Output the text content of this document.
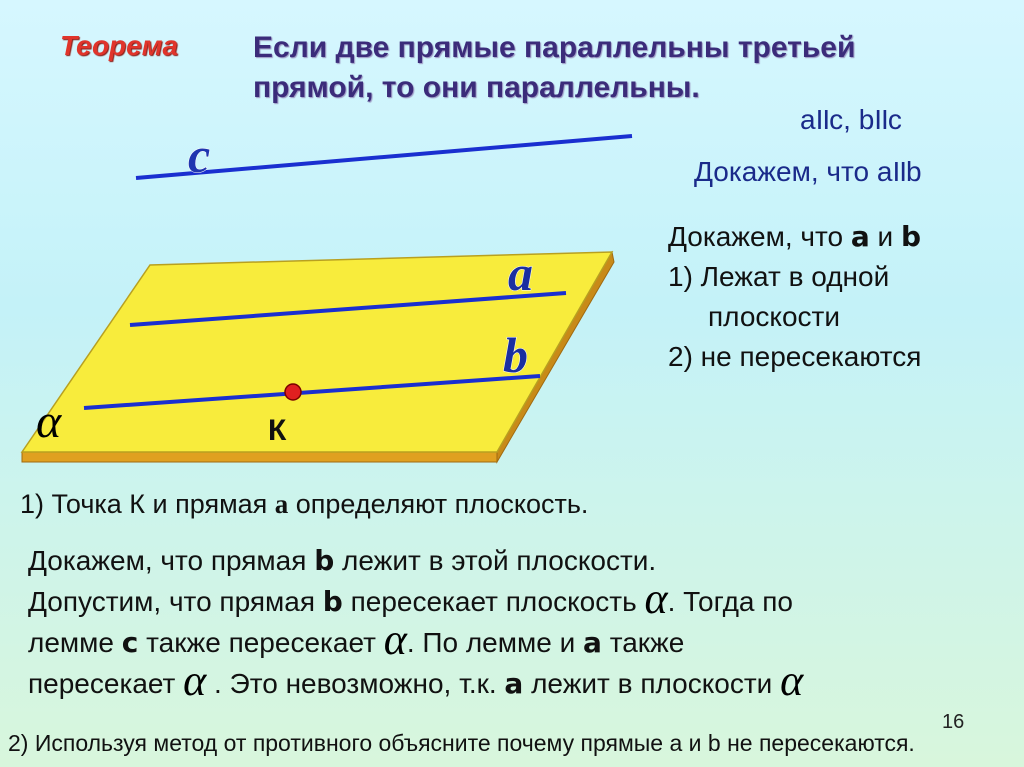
c
a
b
К
α
Теорема Если две прямые параллельны третьей
прямой, то они параллельны.
aIIc, bIIc
Докажем, что aIIb
Докажем, что a и b
1) Лежат в одной
плоскости
2) не пересекаются
1) Точка К и прямая a определяют плоскость.
Докажем, что прямая b лежит в этой плоскости.
Допустим, что прямая b пересекает плоскость α. Тогда по
лемме c также пересекает α. По лемме и a также
пересекает α . Это невозможно, т.к. a лежит в плоскости α
16
2) Используя метод от противного объясните почему прямые a и b не пересекаются.
